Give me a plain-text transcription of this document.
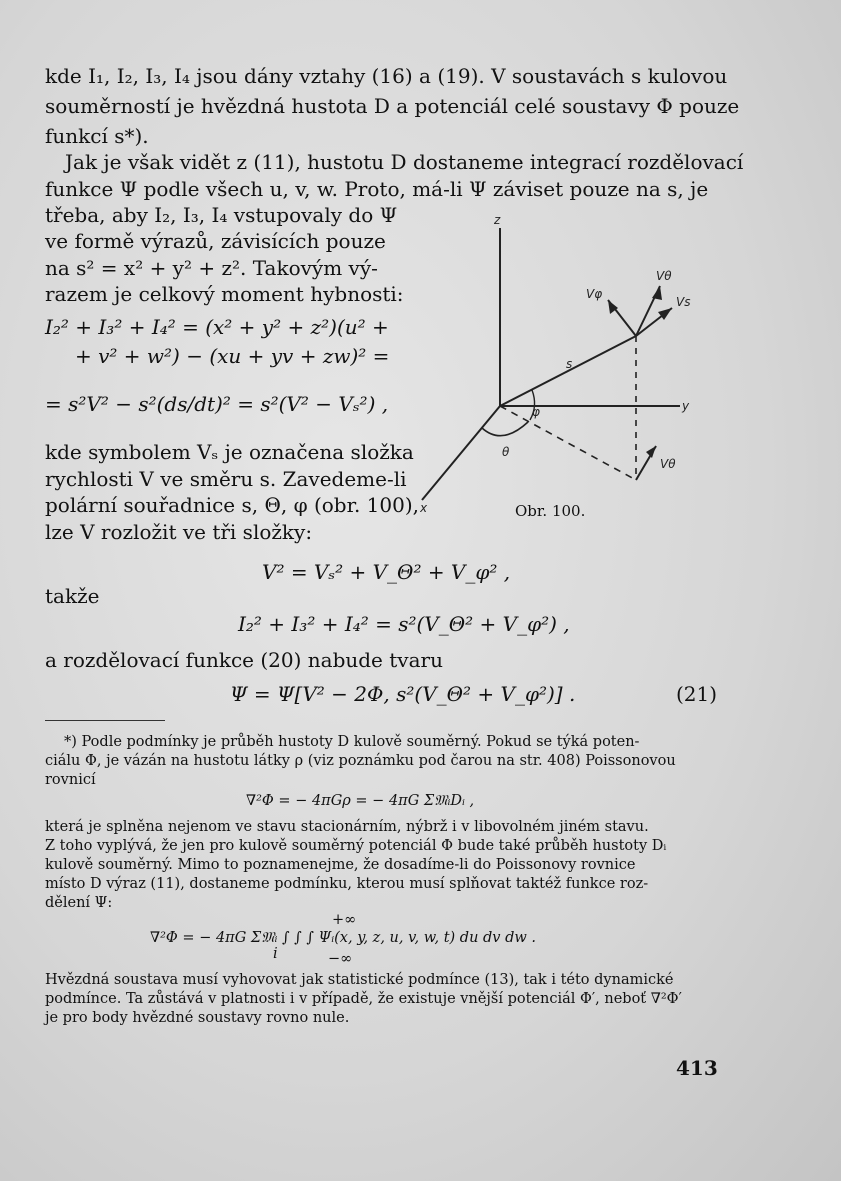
kde I₁, I₂, I₃, I₄ jsou dány vztahy (16) a (19). V soustavách s kulovou
souměrností je hvězdná hustota D a potenciál celé soustavy Φ pouze
funkcí s*).
Jak je však vidět z (11), hustotu D dostaneme integrací rozdělovací
funkce Ψ podle všech u, v, w. Proto, má-li Ψ záviset pouze na s, je
třeba, aby I₂, I₃, I₄ vstupovaly do Ψ
ve formě výrazů, závisících pouze
na s² = x² + y² + z². Takovým vý-
razem je celkový moment hybnosti:
I₂² + I₃² + I₄² = (x² + y² + z²)(u² +
+ v² + w²) − (xu + yv + zw)² =
= s²V² − s²(ds/dt)² = s²(V² − Vₛ²) ,
kde symbolem Vₛ je označena složka
rychlosti V ve směru s. Zavedeme-li
polární souřadnice s, Θ, φ (obr. 100),
lze V rozložit ve tři složky:
z
y
x
s
θ
φ
Vφ
Vθ
Vs
Vθ
Obr. 100.
V² = Vₛ² + V_Θ² + V_φ² ,
takže
I₂² + I₃² + I₄² = s²(V_Θ² + V_φ²) ,
a rozdělovací funkce (20) nabude tvaru
Ψ = Ψ[V² − 2Φ, s²(V_Θ² + V_φ²)] .	(21)
*) Podle podmínky je průběh hustoty D kulově souměrný. Pokud se týká poten-
ciálu Φ, je vázán na hustotu látky ρ (viz poznámku pod čarou na str. 408) Poissonovou
rovnicí
∇²Φ = − 4πGρ = − 4πG Σ𝔐ᵢDᵢ ,
která je splněna nejenom ve stavu stacionárním, nýbrž i v libovolném jiném stavu.
Z toho vyplývá, že jen pro kulově souměrný potenciál Φ bude také průběh hustoty Dᵢ
kulově souměrný. Mimo to poznamenejme, že dosadíme-li do Poissonovy rovnice
místo D výraz (11), dostaneme podmínku, kterou musí splňovat taktéž funkce roz-
dělení Ψ:
+∞
∇²Φ = − 4πG Σ𝔐ᵢ ∫ ∫ ∫ Ψᵢ(x, y, z, u, v, w, t) du dv dw .
i	−∞
Hvězdná soustava musí vyhovovat jak statistické podmínce (13), tak i této dynamické
podmínce. Ta zůstává v platnosti i v případě, že existuje vnější potenciál Φ′, neboť ∇²Φ′
je pro body hvězdné soustavy rovno nule.
413
